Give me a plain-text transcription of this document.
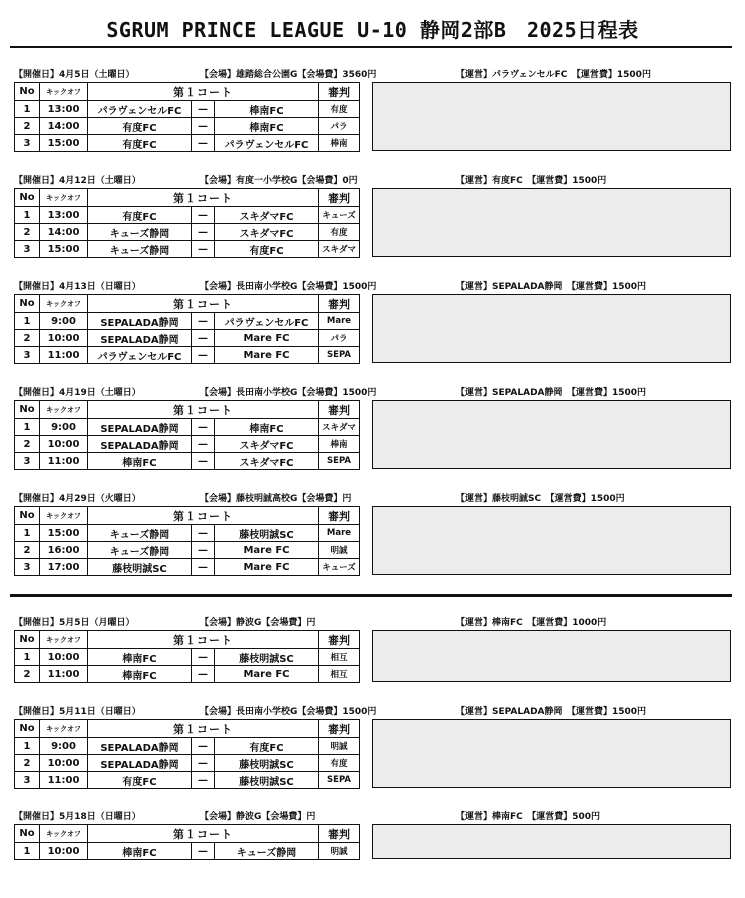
SGRUM PRINCE LEAGUE U-10 静岡2部B　2025日程表
【開催日】4月5日（土曜日）	【会場】雄踏総合公園G【会場費】3560円	【運営】パラヴェンセルFC　【運営費】1500円
No	キックオフ	第１コート			審判
1	13:00	パラヴェンセルFC	—	棒南FC	有度
2	14:00	有度FC	—	棒南FC	パラ
3	15:00	有度FC	—	パラヴェンセルFC	棒南
【開催日】4月12日（土曜日）	【会場】有度一小学校G【会場費】0円	【運営】有度FC　【運営費】1500円
No	キックオフ	第１コート			審判
1	13:00	有度FC	—	スキダマFC	キューズ
2	14:00	キューズ静岡	—	スキダマFC	有度
3	15:00	キューズ静岡	—	有度FC	スキダマ
【開催日】4月13日（日曜日）	【会場】長田南小学校G【会場費】1500円	【運営】SEPALADA静岡　【運営費】1500円
No	キックオフ	第１コート			審判
1	9:00	SEPALADA静岡	—	パラヴェンセルFC	Mare
2	10:00	SEPALADA静岡	—	Mare FC	パラ
3	11:00	パラヴェンセルFC	—	Mare FC	SEPA
【開催日】4月19日（土曜日）	【会場】長田南小学校G【会場費】1500円	【運営】SEPALADA静岡　【運営費】1500円
No	キックオフ	第１コート			審判
1	9:00	SEPALADA静岡	—	棒南FC	スキダマ
2	10:00	SEPALADA静岡	—	スキダマFC	棒南
3	11:00	棒南FC	—	スキダマFC	SEPA
【開催日】4月29日（火曜日）	【会場】藤枝明誠高校G【会場費】円	【運営】藤枝明誠SC　【運営費】1500円
No	キックオフ	第１コート			審判
1	15:00	キューズ静岡	—	藤枝明誠SC	Mare
2	16:00	キューズ静岡	—	Mare FC	明誠
3	17:00	藤枝明誠SC	—	Mare FC	キューズ
【開催日】5月5日（月曜日）	【会場】静波G【会場費】円	【運営】棒南FC　【運営費】1000円
No	キックオフ	第１コート			審判
1	10:00	棒南FC	—	藤枝明誠SC	相互
2	11:00	棒南FC	—	Mare FC	相互
【開催日】5月11日（日曜日）	【会場】長田南小学校G【会場費】1500円	【運営】SEPALADA静岡　【運営費】1500円
No	キックオフ	第１コート			審判
1	9:00	SEPALADA静岡	—	有度FC	明誠
2	10:00	SEPALADA静岡	—	藤枝明誠SC	有度
3	11:00	有度FC	—	藤枝明誠SC	SEPA
【開催日】5月18日（日曜日）	【会場】静波G【会場費】円	【運営】棒南FC　【運営費】500円
No	キックオフ	第１コート			審判
1	10:00	棒南FC	—	キューズ静岡	明誠
